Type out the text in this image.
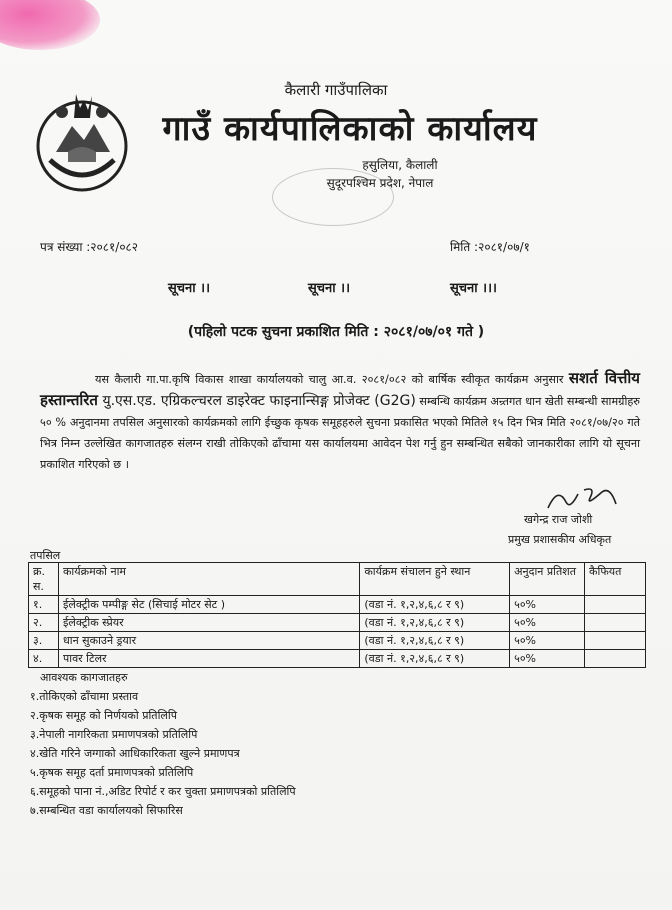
कैलारी गाउँपालिका
गाउँ कार्यपालिकाको कार्यालय
हसुलिया, कैलाली
सुदूरपश्चिम प्रदेश, नेपाल
पत्र संख्या :२०८१/०८२	मिति :२०८१/०७/१
सूचना ।।	सूचना ।।	सूचना ।।।
(पहिलो पटक सुचना प्रकाशित मिति : २०८१/०७/०१ गते )
यस कैलारी गा.पा.कृषि विकास शाखा कार्यालयको चालु आ.व. २०८१/०८२ को बार्षिक स्वीकृत कार्यक्रम अनुसार सशर्त वित्तीय हस्तान्तरित यु.एस.एड. एग्रिकल्चरल डाइरेक्ट फाइनान्सिङ्ग प्रोजेक्ट (G2G) सम्बन्धि कार्यक्रम अन्र्तगत धान खेती सम्बन्धी सामग्रीहरु ५० % अनुदानमा तपसिल अनुसारको कार्यक्रमको लागि ईच्छुक कृषक समूहहरुले सुचना प्रकासित भएको मितिले १५ दिन भित्र मिति २०८१/०७/२० गते भित्र निम्न उल्लेखित कागजातहरु संलग्न राखी तोकिएको ढाँचामा यस कार्यालयमा आवेदन पेश गर्नु हुन सम्बन्धित सबैको जानकारीका लागि यो सूचना प्रकाशित गरिएको छ ।
खगेन्द्र राज जोशी
प्रमुख प्रशासकीय अधिकृत
तपसिल
क्र. स.	कार्यक्रमको नाम	कार्यक्रम संचालन हुने स्थान	अनुदान प्रतिशत	कैफियत
१.	ईलेक्ट्रीक पम्पीङ्ग सेट (सिचाई मोटर सेट )	(वडा नं. १,२,४,६,८ र ९)	५०%	
२.	ईलेक्ट्रीक स्प्रेयर	(वडा नं. १,२,४,६,८ र ९)	५०%	
३.	धान सुकाउने ड्रयार	(वडा नं. १,२,४,६,८ र ९)	५०%	
४.	पावर टिलर	(वडा नं. १,२,४,६,८ र ९)	५०%	
आवश्यक कागजातहरु
१.तोकिएको ढाँचामा प्रस्ताव
२.कृषक समूह को निर्णयको प्रतिलिपि
३.नेपाली नागरिकता प्रमाणपत्रको प्रतिलिपि
४.खेति गरिने जग्गाको आधिकारिकता खुल्ने प्रमाणपत्र
५.कृषक समूह दर्ता प्रमाणपत्रको प्रतिलिपि
६.समूहको पाना नं.,अडिट रिपोर्ट र कर चुक्ता प्रमाणपत्रको प्रतिलिपि
७.सम्बन्धित वडा कार्यालयको सिफारिस
